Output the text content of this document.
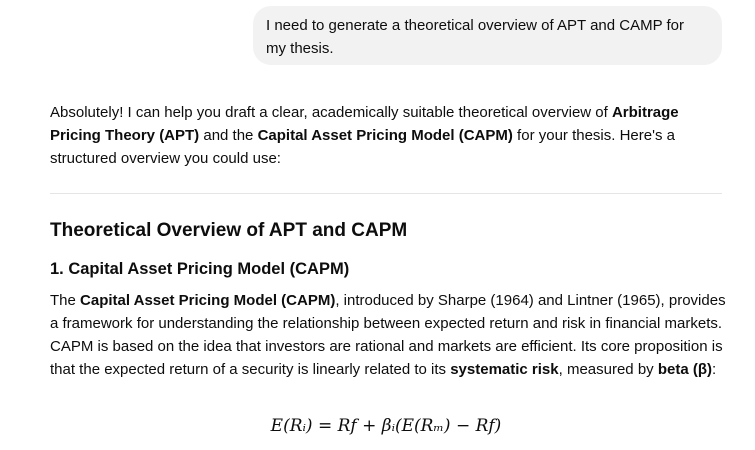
I need to generate a theoretical overview of APT and CAMP for my thesis.

Absolutely! I can help you draft a clear, academically suitable theoretical overview of Arbitrage Pricing Theory (APT) and the Capital Asset Pricing Model (CAPM) for your thesis. Here's a structured overview you could use:

Theoretical Overview of APT and CAPM
1. Capital Asset Pricing Model (CAPM)

The Capital Asset Pricing Model (CAPM), introduced by Sharpe (1964) and Lintner (1965), provides a framework for understanding the relationship between expected return and risk in financial markets. CAPM is based on the idea that investors are rational and markets are efficient. Its core proposition is that the expected return of a security is linearly related to its systematic risk, measured by beta (β):

E(Rᵢ) = R𝑓 + βᵢ(E(Rₘ) − R𝑓)
